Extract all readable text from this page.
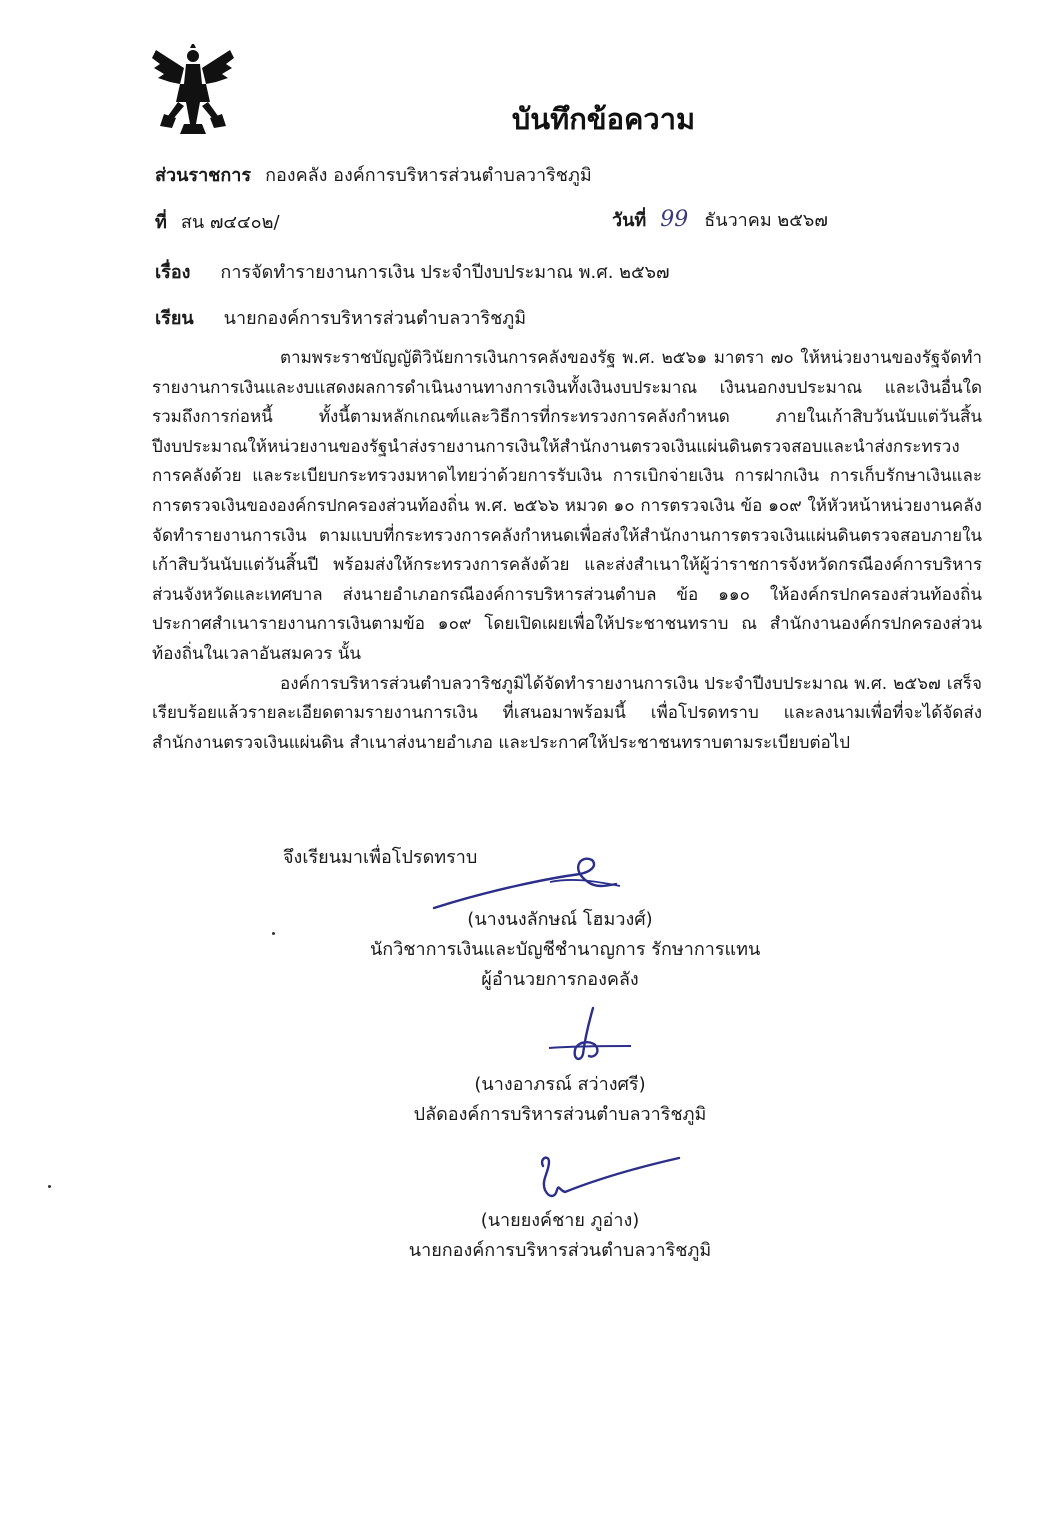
บันทึกข้อความ
ส่วนราชการ กองคลัง องค์การบริหารส่วนตำบลวาริชภูมิ
ที่ สน ๗๔๔๐๒/	วันที่ 99 ธันวาคม ๒๕๖๗
เรื่อง การจัดทำรายงานการเงิน ประจำปีงบประมาณ พ.ศ. ๒๕๖๗
เรียน นายกองค์การบริหารส่วนตำบลวาริชภูมิ

ตามพระราชบัญญัติวินัยการเงินการคลังของรัฐ พ.ศ. ๒๕๖๑ มาตรา ๗๐ ให้หน่วยงานของรัฐจัดทำรายงานการเงินและงบแสดงผลการดำเนินงานทางการเงินทั้งเงินงบประมาณ เงินนอกงบประมาณ และเงินอื่นใด รวมถึงการก่อหนี้ ทั้งนี้ตามหลักเกณฑ์และวิธีการที่กระทรวงการคลังกำหนด ภายในเก้าสิบวันนับแต่วันสิ้นปีงบประมาณให้หน่วยงานของรัฐนำส่งรายงานการเงินให้สำนักงานตรวจเงินแผ่นดินตรวจสอบและนำส่งกระทรวงการคลังด้วย และระเบียบกระทรวงมหาดไทยว่าด้วยการรับเงิน การเบิกจ่ายเงิน การฝากเงิน การเก็บรักษาเงินและการตรวจเงินขององค์กรปกครองส่วนท้องถิ่น พ.ศ. ๒๕๖๖ หมวด ๑๐ การตรวจเงิน ข้อ ๑๐๙ ให้หัวหน้าหน่วยงานคลังจัดทำรายงานการเงิน ตามแบบที่กระทรวงการคลังกำหนดเพื่อส่งให้สำนักงานการตรวจเงินแผ่นดินตรวจสอบภายในเก้าสิบวันนับแต่วันสิ้นปี พร้อมส่งให้กระทรวงการคลังด้วย และส่งสำเนาให้ผู้ว่าราชการจังหวัดกรณีองค์การบริหารส่วนจังหวัดและเทศบาล ส่งนายอำเภอกรณีองค์การบริหารส่วนตำบล ข้อ ๑๑๐ ให้องค์กรปกครองส่วนท้องถิ่นประกาศสำเนารายงานการเงินตามข้อ ๑๐๙ โดยเปิดเผยเพื่อให้ประชาชนทราบ ณ สำนักงานองค์กรปกครองส่วนท้องถิ่นในเวลาอันสมควร นั้น

องค์การบริหารส่วนตำบลวาริชภูมิได้จัดทำรายงานการเงิน ประจำปีงบประมาณ พ.ศ. ๒๕๖๗ เสร็จเรียบร้อยแล้วรายละเอียดตามรายงานการเงิน ที่เสนอมาพร้อมนี้ เพื่อโปรดทราบ และลงนามเพื่อที่จะได้จัดส่งสำนักงานตรวจเงินแผ่นดิน สำเนาส่งนายอำเภอ และประกาศให้ประชาชนทราบตามระเบียบต่อไป

จึงเรียนมาเพื่อโปรดทราบ
(นางนงลักษณ์ โฮมวงศ์)
นักวิชาการเงินและบัญชีชำนาญการ รักษาการแทน
ผู้อำนวยการกองคลัง
(นางอาภรณ์ สว่างศรี)
ปลัดองค์การบริหารส่วนตำบลวาริชภูมิ
(นายยงค์ชาย ภูอ่าง)
นายกองค์การบริหารส่วนตำบลวาริชภูมิ
